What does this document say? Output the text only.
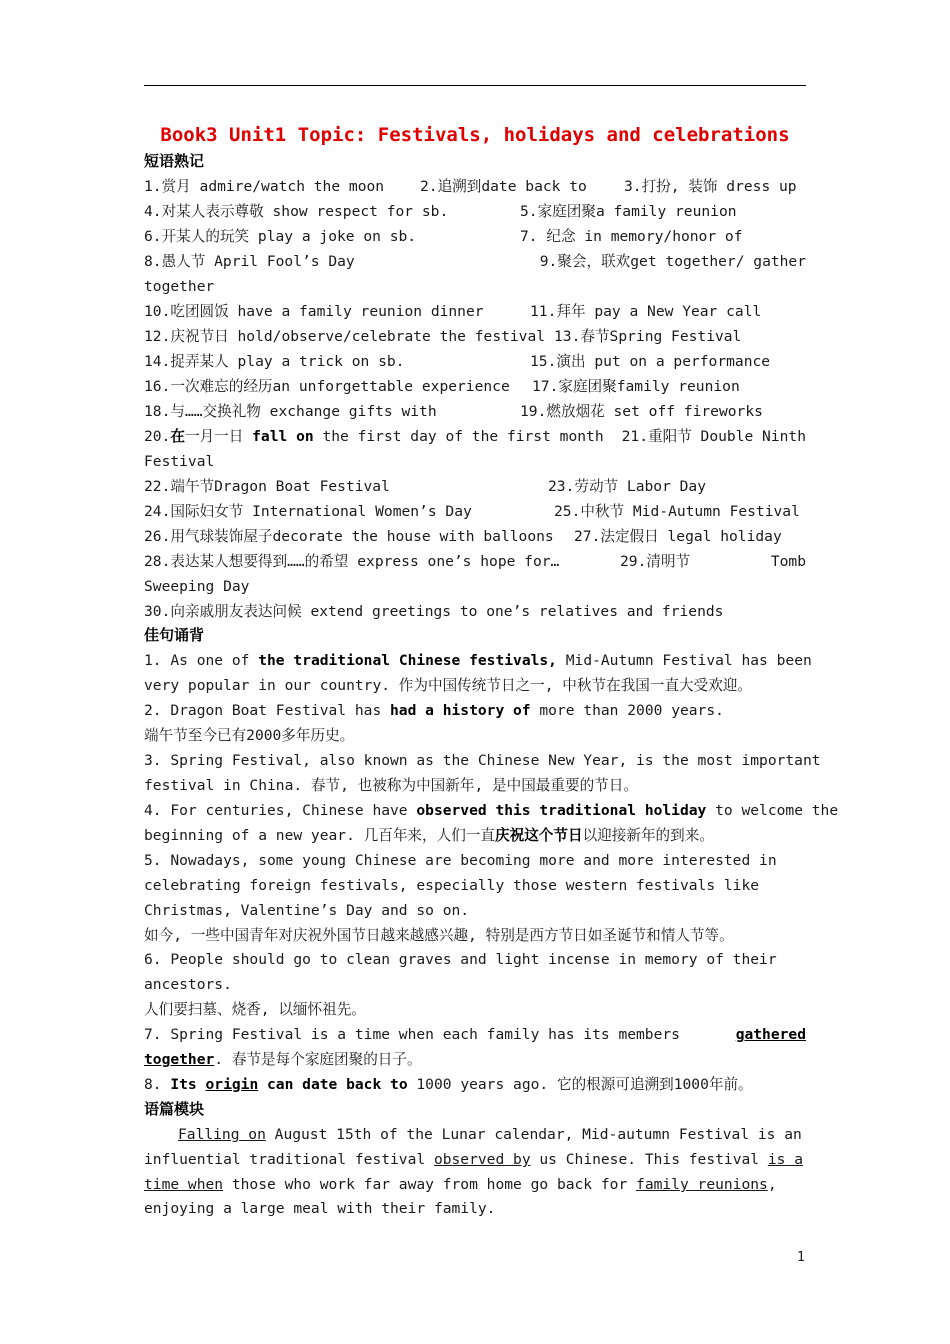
Book3 Unit1 Topic: Festivals, holidays and celebrations
短语熟记
1.赏月 admire/watch the moon 2.追溯到date back to	3.打扮, 装饰 dress up
4.对某人表示尊敬 show respect for sb.	5.家庭团聚a family reunion
6.开某人的玩笑 play a joke on sb.	7. 纪念 in memory/honor of
8.愚人节 April Fool’s Day	9.聚会，联欢get together/ gather
together
10.吃团圆饭 have a family reunion dinner	11.拜年 pay a New Year call
12.庆祝节日 hold/observe/celebrate the festival 13.春节Spring Festival
14.捉弄某人 play a trick on sb.	15.演出 put on a performance
16.一次难忘的经历an unforgettable experience 17.家庭团聚family reunion
18.与……交换礼物 exchange gifts with	19.燃放烟花 set off fireworks
20.在一月一日 fall on the first day of the first month 21.重阳节 Double Ninth
Festival
22.端午节Dragon Boat Festival	23.劳动节 Labor Day
24.国际妇女节 International Women’s Day	25.中秋节 Mid-Autumn Festival
26.用气球装饰屋子decorate the house with balloons 27.法定假日 legal holiday
28.表达某人想要得到……的希望 express one’s hope for…	29.清明节	Tomb
Sweeping Day
30.向亲戚朋友表达问候 extend greetings to one’s relatives and friends
佳句诵背
1. As one of the traditional Chinese festivals, Mid-Autumn Festival has been
very popular in our country. 作为中国传统节日之一, 中秋节在我国一直大受欢迎。
2. Dragon Boat Festival has had a history of more than 2000 years.
端午节至今已有2000多年历史。
3. Spring Festival, also known as the Chinese New Year, is the most important
festival in China. 春节, 也被称为中国新年, 是中国最重要的节日。
4. For centuries, Chinese have observed this traditional holiday to welcome the
beginning of a new year. 几百年来，人们一直庆祝这个节日以迎接新年的到来。
5. Nowadays, some young Chinese are becoming more and more interested in
celebrating foreign festivals, especially those western festivals like
Christmas, Valentine’s Day and so on.
如今, 一些中国青年对庆祝外国节日越来越感兴趣, 特别是西方节日如圣诞节和情人节等。
6. People should go to clean graves and light incense in memory of their
ancestors.
人们要扫墓、烧香, 以缅怀祖先。
7. Spring Festival is a time when each family has its members	gathered
together. 春节是每个家庭团聚的日子。
8. Its origin can date back to 1000 years ago. 它的根源可追溯到1000年前。
语篇模块
Falling on August 15th of the Lunar calendar, Mid-autumn Festival is an
influential traditional festival observed by us Chinese. This festival is a
time when those who work far away from home go back for family reunions,
enjoying a large meal with their family.
1
